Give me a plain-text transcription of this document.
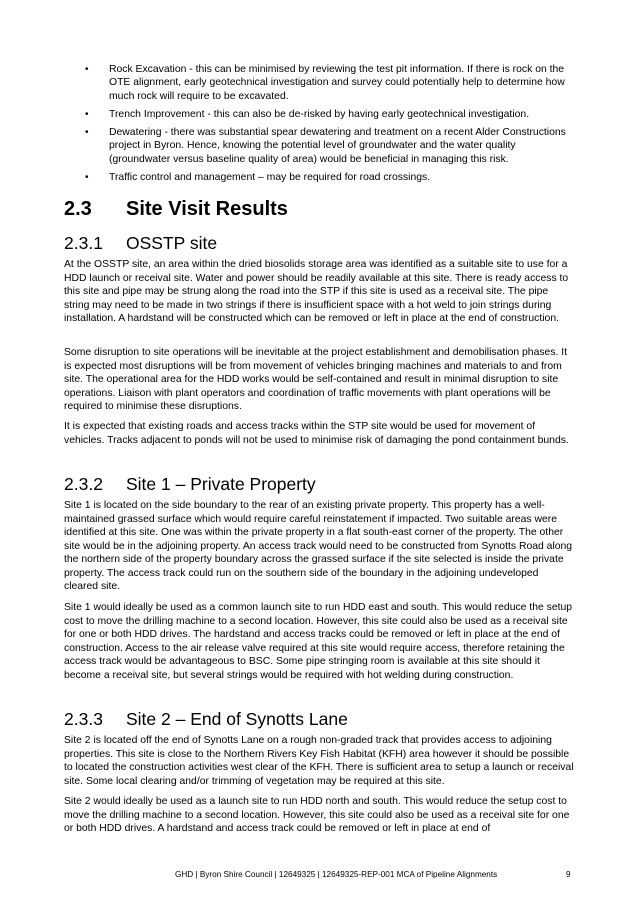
• Rock Excavation - this can be minimised by reviewing the test pit information. If there is rock on the OTE alignment, early geotechnical investigation and survey could potentially help to determine how much rock will require to be excavated.
• Trench Improvement - this can also be de-risked by having early geotechnical investigation.
• Dewatering - there was substantial spear dewatering and treatment on a recent Alder Constructions project in Byron. Hence, knowing the potential level of groundwater and the water quality (groundwater versus baseline quality of area) would be beneficial in managing this risk.
• Traffic control and management – may be required for road crossings.
2.3 Site Visit Results
2.3.1 OSSTP site

At the OSSTP site, an area within the dried biosolids storage area was identified as a suitable site to use for a HDD launch or receival site. Water and power should be readily available at this site. There is ready access to this site and pipe may be strung along the road into the STP if this site is used as a receival site. The pipe string may need to be made in two strings if there is insufficient space with a hot weld to join strings during installation. A hardstand will be constructed which can be removed or left in place at the end of construction.

Some disruption to site operations will be inevitable at the project establishment and demobilisation phases. It is expected most disruptions will be from movement of vehicles bringing machines and materials to and from site. The operational area for the HDD works would be self-contained and result in minimal disruption to site operations. Liaison with plant operators and coordination of traffic movements with plant operations will be required to minimise these disruptions.

It is expected that existing roads and access tracks within the STP site would be used for movement of vehicles. Tracks adjacent to ponds will not be used to minimise risk of damaging the pond containment bunds.

2.3.2 Site 1 – Private Property

Site 1 is located on the side boundary to the rear of an existing private property. This property has a well-maintained grassed surface which would require careful reinstatement if impacted. Two suitable areas were identified at this site. One was within the private property in a flat south-east corner of the property. The other site would be in the adjoining property. An access track would need to be constructed from Synotts Road along the northern side of the property boundary across the grassed surface if the site selected is inside the private property. The access track could run on the southern side of the boundary in the adjoining undeveloped cleared site.

Site 1 would ideally be used as a common launch site to run HDD east and south. This would reduce the setup cost to move the drilling machine to a second location. However, this site could also be used as a receival site for one or both HDD drives. The hardstand and access tracks could be removed or left in place at the end of construction. Access to the air release valve required at this site would require access, therefore retaining the access track would be advantageous to BSC. Some pipe stringing room is available at this site should it become a receival site, but several strings would be required with hot welding during construction.

2.3.3 Site 2 – End of Synotts Lane

Site 2 is located off the end of Synotts Lane on a rough non-graded track that provides access to adjoining properties. This site is close to the Northern Rivers Key Fish Habitat (KFH) area however it should be possible to located the construction activities west clear of the KFH. There is sufficient area to setup a launch or receival site. Some local clearing and/or trimming of vegetation may be required at this site.

Site 2 would ideally be used as a launch site to run HDD north and south. This would reduce the setup cost to move the drilling machine to a second location. However, this site could also be used as a receival site for one or both HDD drives. A hardstand and access track could be removed or left in place at end of

GHD | Byron Shire Council | 12649325 | 12649325-REP-001 MCA of Pipeline Alignments	9
